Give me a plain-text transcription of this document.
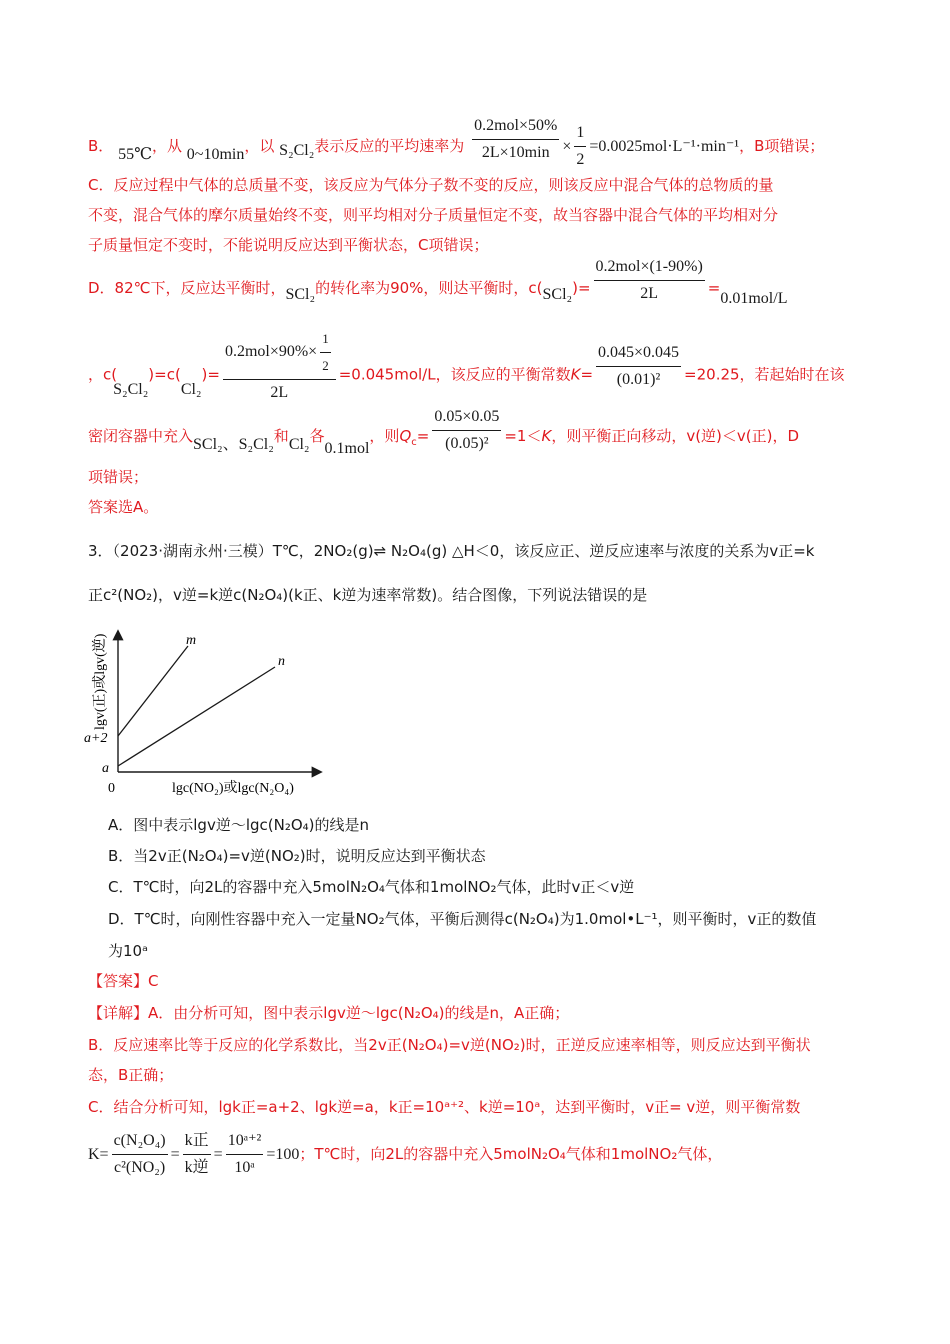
B． 55℃，从 0~10min，以 S₂Cl₂表示反应的平均速率为 $\frac{\text{0.2mol×50\%}}{2L\times 10\min} \times \frac{1}{2} =0.0025mol\cdot L^{-1}\cdot\min^{-1}$，B项错误；
C．反应过程中气体的总质量不变，该反应为气体分子数不变的反应，则该反应中混合气体的总物质的量
不变，混合气体的摩尔质量始终不变，则平均相对分子质量恒定不变，故当容器中混合气体的平均相对分
子质量恒定不变时，不能说明反应达到平衡状态，C项错误；
D．82℃下，反应达平衡时，SCl₂的转化率为90%，则达平衡时，$c(SCl_2)= \frac{\text{0.2mol×(1-90\%)}}{2L} =0.01mol/L$
，$c(S_2Cl_2)=c(Cl_2)= \frac{0.2mol\times 90\%\times \frac{1}{2}}{2L} =0.045mol/L$，该反应的平衡常数$K= \frac{0.045\times 0.045}{\text{(0.01)²}} =20.25$，若起始时在该
密闭容器中充入SCl₂、S₂Cl₂和Cl₂各0.1mol，则$Q_c= \frac{0.05\times 0.05}{\text{(0.05)²}} =1<K$，则平衡正向移动，v(逆)＜v(正)，D
项错误；
答案选A。
3．（2023·湖南永州·三模）T℃，2NO₂(g)⇌ N₂O₄(g) △H＜0，该反应正、逆反应速率与浓度的关系为v正=k
正c²(NO₂)，v逆=k逆c(N₂O₄)(k正、k逆为速率常数)。结合图像，下列说法错误的是
m
n
a+2
a
0	lgc(NO₂)或lgc(N₂O₄)
lgv(正)或lgv(逆)
A．图中表示lgv逆～lgc(N₂O₄)的线是n
B．当2v正(N₂O₄)=v逆(NO₂)时，说明反应达到平衡状态
C．T℃时，向2L的容器中充入5molN₂O₄气体和1molNO₂气体，此时v正＜v逆
D．T℃时，向刚性容器中充入一定量NO₂气体，平衡后测得c(N₂O₄)为1.0mol•L⁻¹，则平衡时，v正的数值
为10ᵃ
【答案】C
【详解】A．由分析可知，图中表示lgv逆～lgc(N₂O₄)的线是n，A正确；
B．反应速率比等于反应的化学系数比，当2v正(N₂O₄)=v逆(NO₂)时，正逆反应速率相等，则反应达到平衡状
态，B正确；
C．结合分析可知，lgk正=a+2、lgk逆=a，k正=10ᵃ⁺²、k逆=10ᵃ，达到平衡时，v正= v逆，则平衡常数
$K= \frac{\text{c(N₂O₄)}}{\text{c²(NO₂)}} = \frac{\text{k正}}{\text{k逆}} = \frac{\text{10ᵃ⁺²}}{\text{10ᵃ}} =100$；T℃时，向2L的容器中充入5molN₂O₄气体和1molNO₂气体，
